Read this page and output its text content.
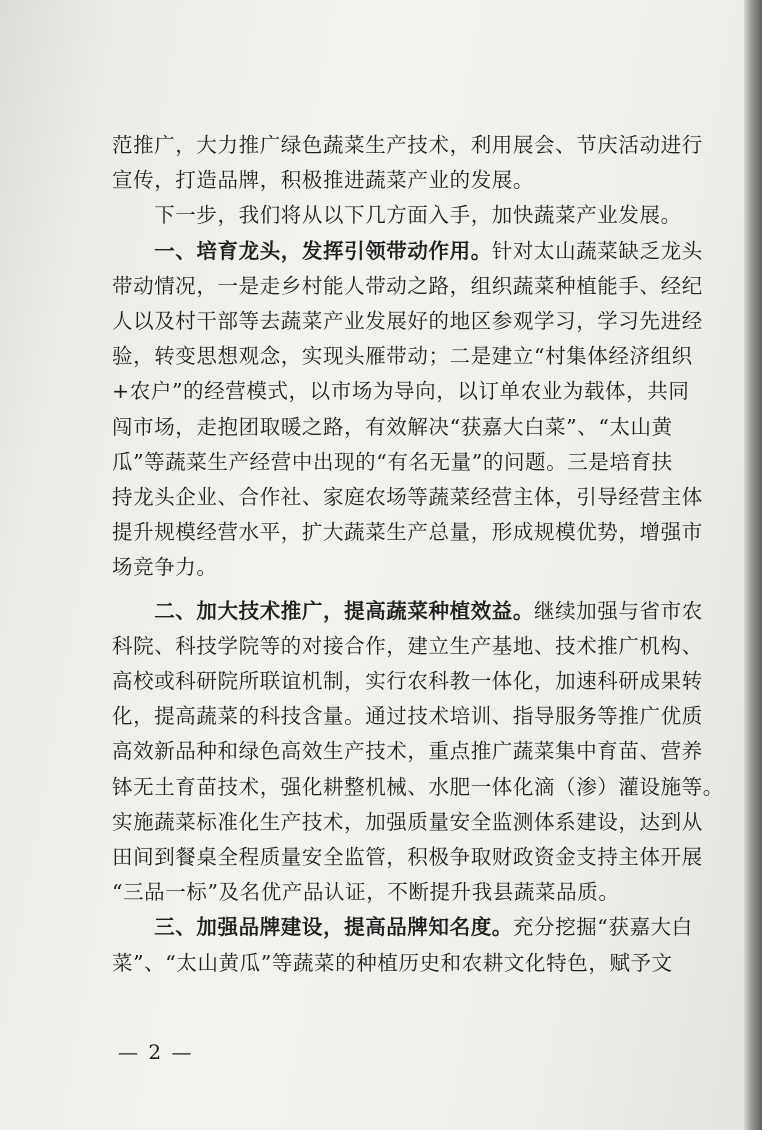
范推广，大力推广绿色蔬菜生产技术，利用展会、节庆活动进行
宣传，打造品牌，积极推进蔬菜产业的发展。
　　下一步，我们将从以下几方面入手，加快蔬菜产业发展。
　　一、培育龙头，发挥引领带动作用。针对太山蔬菜缺乏龙头
带动情况，一是走乡村能人带动之路，组织蔬菜种植能手、经纪
人以及村干部等去蔬菜产业发展好的地区参观学习，学习先进经
验，转变思想观念，实现头雁带动；二是建立“村集体经济组织
+农户”的经营模式，以市场为导向，以订单农业为载体，共同
闯市场，走抱团取暖之路，有效解决“获嘉大白菜”、“太山黄
瓜”等蔬菜生产经营中出现的“有名无量”的问题。三是培育扶
持龙头企业、合作社、家庭农场等蔬菜经营主体，引导经营主体
提升规模经营水平，扩大蔬菜生产总量，形成规模优势，增强市
场竞争力。
　　二、加大技术推广，提高蔬菜种植效益。继续加强与省市农
科院、科技学院等的对接合作，建立生产基地、技术推广机构、
高校或科研院所联谊机制，实行农科教一体化，加速科研成果转
化，提高蔬菜的科技含量。通过技术培训、指导服务等推广优质
高效新品种和绿色高效生产技术，重点推广蔬菜集中育苗、营养
钵无土育苗技术，强化耕整机械、水肥一体化滴（渗）灌设施等。
实施蔬菜标准化生产技术，加强质量安全监测体系建设，达到从
田间到餐桌全程质量安全监管，积极争取财政资金支持主体开展
“三品一标”及名优产品认证，不断提升我县蔬菜品质。
　　三、加强品牌建设，提高品牌知名度。充分挖掘“获嘉大白
菜”、“太山黄瓜”等蔬菜的种植历史和农耕文化特色，赋予文
— 2 —
